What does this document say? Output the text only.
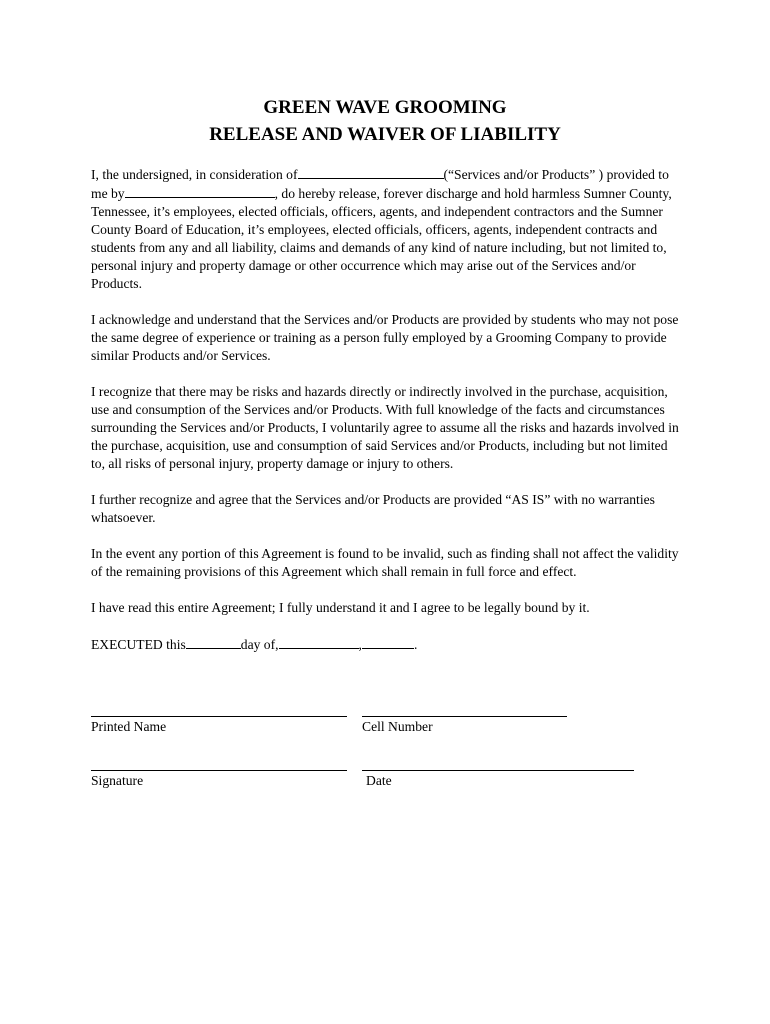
GREEN WAVE GROOMING
RELEASE AND WAIVER OF LIABILITY

I, the undersigned, in consideration of	(“Services and/or Products” ) provided to me by	, do hereby release, forever discharge and hold harmless Sumner County, Tennessee, it’s employees, elected officials, officers, agents, and independent contractors and the Sumner County Board of Education, it’s employees, elected officials, officers, agents, independent contracts and students from any and all liability, claims and demands of any kind of nature including, but not limited to, personal injury and property damage or other occurrence which may arise out of the Services and/or Products.

I acknowledge and understand that the Services and/or Products are provided by students who may not pose the same degree of experience or training as a person fully employed by a Grooming Company to provide similar Products and/or Services.

I recognize that there may be risks and hazards directly or indirectly involved in the purchase, acquisition, use and consumption of the Services and/or Products. With full knowledge of the facts and circumstances surrounding the Services and/or Products, I voluntarily agree to assume all the risks and hazards involved in the purchase, acquisition, use and consumption of said Services and/or Products, including but not limited to, all risks of personal injury, property damage or injury to others.

I further recognize and agree that the Services and/or Products are provided “AS IS” with no warranties whatsoever.

In the event any portion of this Agreement is found to be invalid, such as finding shall not affect the validity of the remaining provisions of this Agreement which shall remain in full force and effect.

I have read this entire Agreement; I fully understand it and I agree to be legally bound by it.

EXECUTED this	day of,	,	.

Printed Name	Cell Number
Signature	Date
